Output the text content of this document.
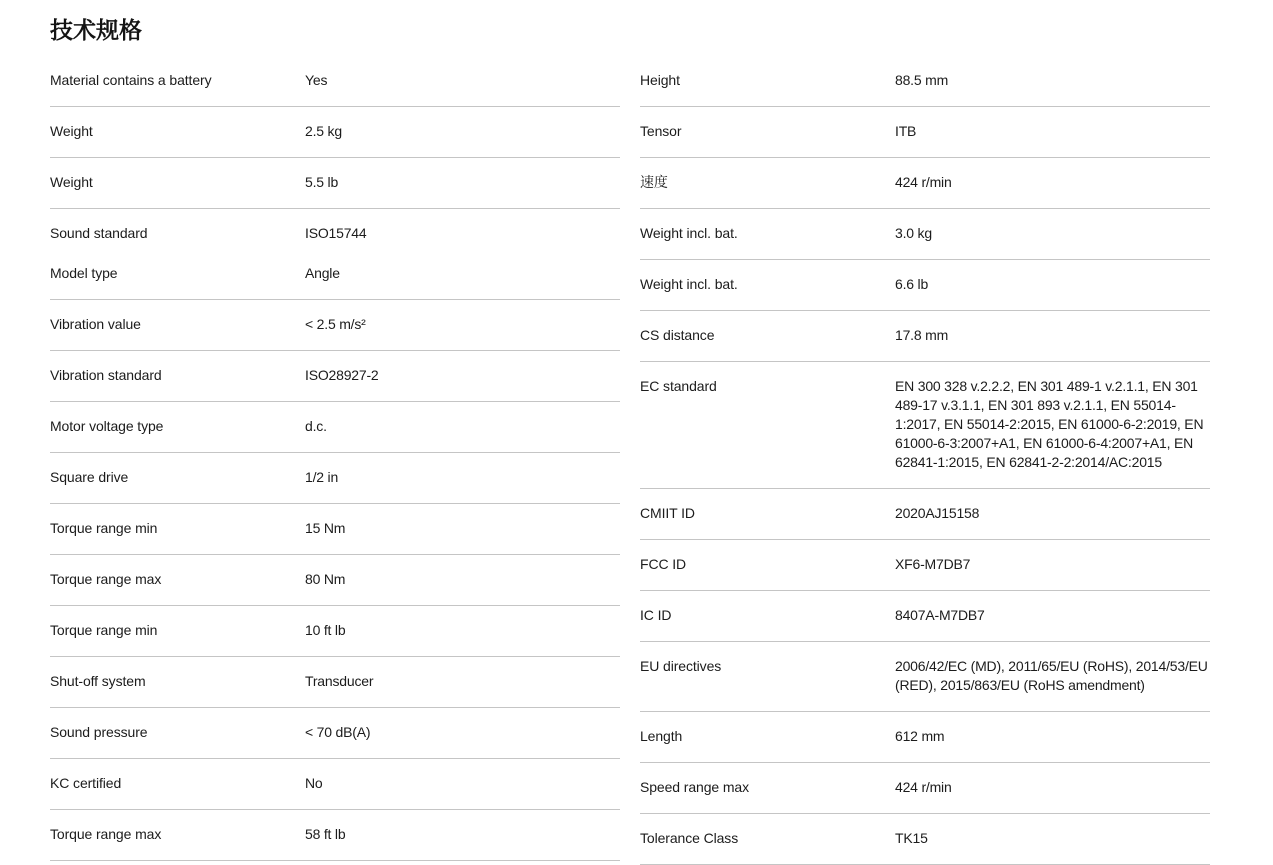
技术规格
Material contains a battery	Yes
Weight	2.5 kg
Weight	5.5 lb
Sound standard	ISO15744
Model type	Angle
Vibration value	< 2.5 m/s²
Vibration standard	ISO28927-2
Motor voltage type	d.c.
Square drive	1/2 in
Torque range min	15 Nm
Torque range max	80 Nm
Torque range min	10 ft lb
Shut-off system	Transducer
Sound pressure	< 70 dB(A)
KC certified	No
Torque range max	58 ft lb
Height	88.5 mm
Tensor	ITB
速度	424 r/min
Weight incl. bat.	3.0 kg
Weight incl. bat.	6.6 lb
CS distance	17.8 mm
EC standard	EN 300 328 v.2.2.2, EN 301 489-1 v.2.1.1, EN 301 489-17 v.3.1.1, EN 301 893 v.2.1.1, EN 55014-1:2017, EN 55014-2:2015, EN 61000-6-2:2019, EN 61000-6-3:2007+A1, EN 61000-6-4:2007+A1, EN 62841-1:2015, EN 62841-2-2:2014/AC:2015
CMIIT ID	2020AJ15158
FCC ID	XF6-M7DB7
IC ID	8407A-M7DB7
EU directives	2006/42/EC (MD), 2011/65/EU (RoHS), 2014/53/EU (RED), 2015/863/EU (RoHS amendment)
Length	612 mm
Speed range max	424 r/min
Tolerance Class	TK15
